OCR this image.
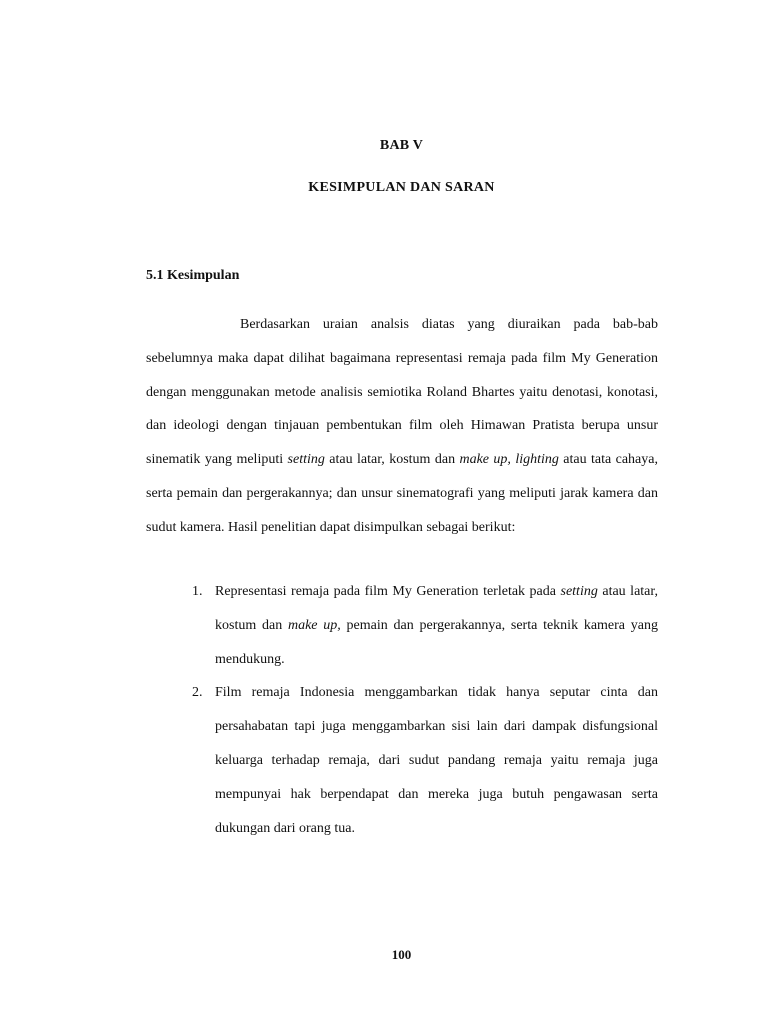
BAB V
KESIMPULAN DAN SARAN
5.1 Kesimpulan

Berdasarkan uraian analsis diatas yang diuraikan pada bab-bab sebelumnya maka dapat dilihat bagaimana representasi remaja pada film My Generation dengan menggunakan metode analisis semiotika Roland Bhartes yaitu denotasi, konotasi, dan ideologi dengan tinjauan pembentukan film oleh Himawan Pratista berupa unsur sinematik yang meliputi setting atau latar, kostum dan make up, lighting atau tata cahaya, serta pemain dan pergerakannya; dan unsur sinematografi yang meliputi jarak kamera dan sudut kamera. Hasil penelitian dapat disimpulkan sebagai berikut:

1. Representasi remaja pada film My Generation terletak pada setting atau latar, kostum dan make up, pemain dan pergerakannya, serta teknik kamera yang mendukung.
2. Film remaja Indonesia menggambarkan tidak hanya seputar cinta dan persahabatan tapi juga menggambarkan sisi lain dari dampak disfungsional keluarga terhadap remaja, dari sudut pandang remaja yaitu remaja juga mempunyai hak berpendapat dan mereka juga butuh pengawasan serta dukungan dari orang tua.
100
